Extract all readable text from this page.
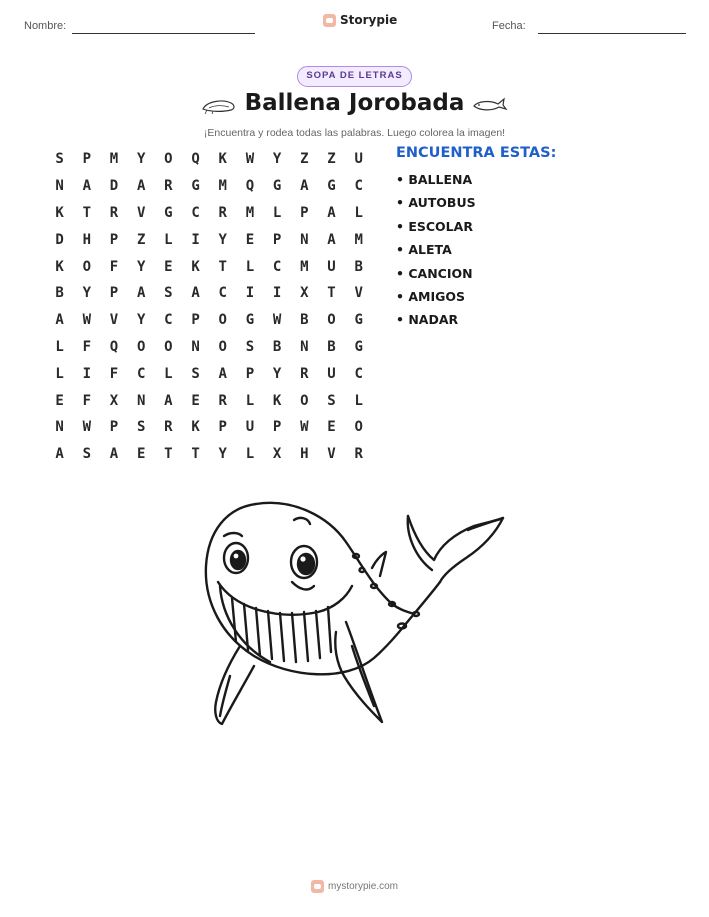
Nombre:	Storypie	Fecha:
SOPA DE LETRAS
Ballena Jorobada
¡Encuentra y rodea todas las palabras. Luego colorea la imagen!
S	P	M	Y	O	Q	K	W	Y	Z	Z	U
N	A	D	A	R	G	M	Q	G	A	G	C
K	T	R	V	G	C	R	M	L	P	A	L
D	H	P	Z	L	I	Y	E	P	N	A	M
K	O	F	Y	E	K	T	L	C	M	U	B
B	Y	P	A	S	A	C	I	I	X	T	V
A	W	V	Y	C	P	O	G	W	B	O	G
L	F	Q	O	O	N	O	S	B	N	B	G
L	I	F	C	L	S	A	P	Y	R	U	C
E	F	X	N	A	E	R	L	K	O	S	L
N	W	P	S	R	K	P	U	P	W	E	O
A	S	A	E	T	T	Y	L	X	H	V	R
ENCUENTRA ESTAS:
• BALLENA
• AUTOBUS
• ESCOLAR
• ALETA
• CANCION
• AMIGOS
• NADAR
mystorypie.com
